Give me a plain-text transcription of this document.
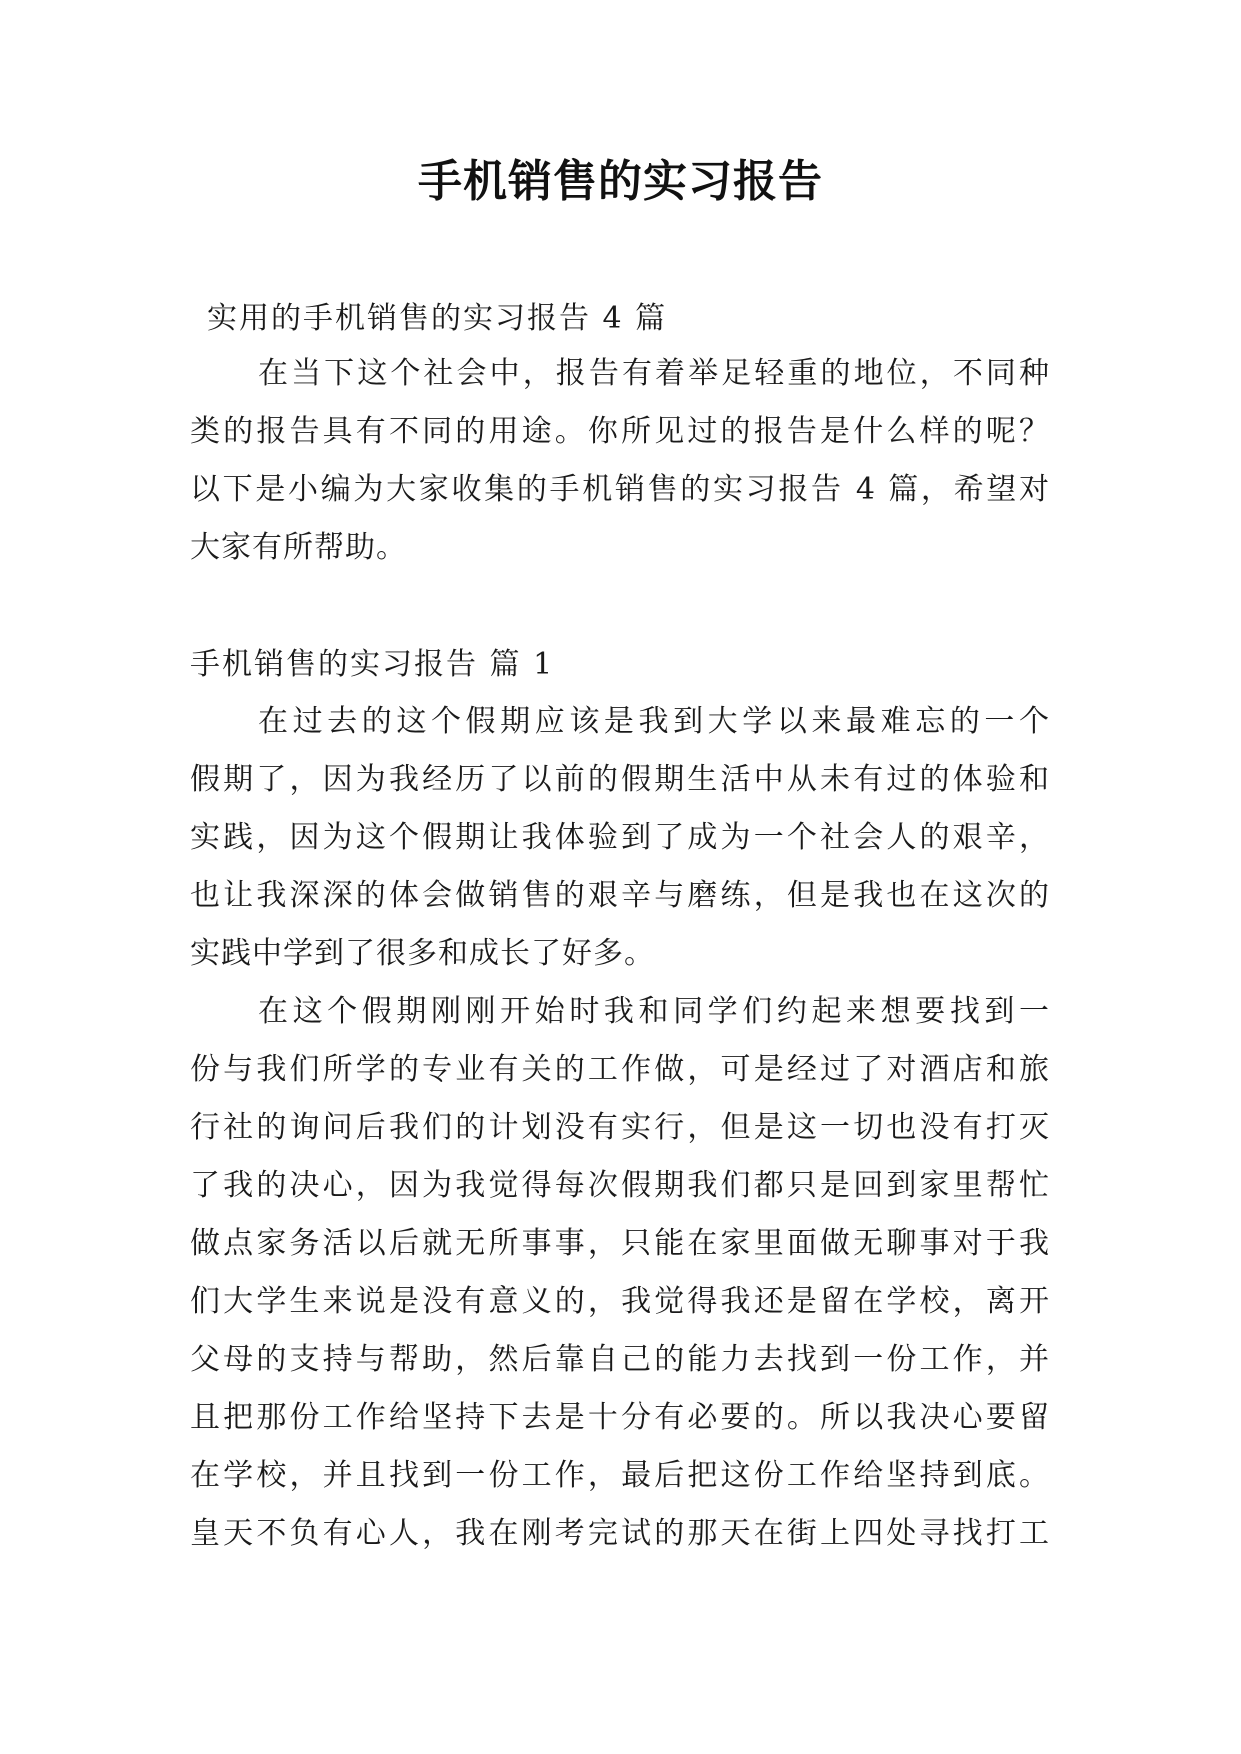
手机销售的实习报告
实用的手机销售的实习报告 4 篇

在当下这个社会中，报告有着举足轻重的地位，不同种
类的报告具有不同的用途。你所见过的报告是什么样的呢？
以下是小编为大家收集的手机销售的实习报告 4 篇，希望对
大家有所帮助。

手机销售的实习报告 篇 1

在过去的这个假期应该是我到大学以来最难忘的一个
假期了，因为我经历了以前的假期生活中从未有过的体验和
实践，因为这个假期让我体验到了成为一个社会人的艰辛，
也让我深深的体会做销售的艰辛与磨练，但是我也在这次的
实践中学到了很多和成长了好多。

在这个假期刚刚开始时我和同学们约起来想要找到一
份与我们所学的专业有关的工作做，可是经过了对酒店和旅
行社的询问后我们的计划没有实行，但是这一切也没有打灭
了我的决心，因为我觉得每次假期我们都只是回到家里帮忙
做点家务活以后就无所事事，只能在家里面做无聊事对于我
们大学生来说是没有意义的，我觉得我还是留在学校，离开
父母的支持与帮助，然后靠自己的能力去找到一份工作，并
且把那份工作给坚持下去是十分有必要的。所以我决心要留
在学校，并且找到一份工作，最后把这份工作给坚持到底。
皇天不负有心人，我在刚考完试的那天在街上四处寻找打工
